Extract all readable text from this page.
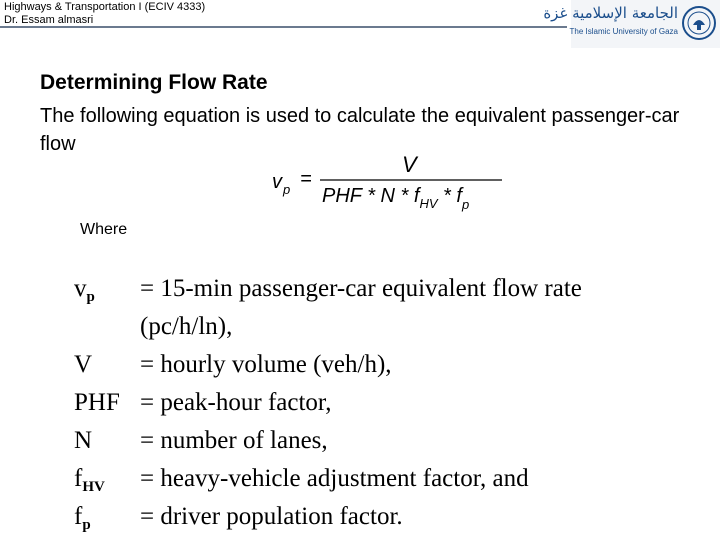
Highways & Transportation I (ECIV 4333)
Dr. Essam almasri	الجامعة الإسلامية غزة
The Islamic University of Gaza
Determining Flow Rate
The following equation is used to calculate the equivalent passenger-car flow
v p =
V
PHF * N * $f_{HV} * f_p$
Where
$v_p$	= 15-min passenger-car equivalent flow rate (pc/h/ln),
V	= hourly volume (veh/h),
PHF = peak-hour factor,
N	= number of lanes,
$f_{HV}$	= heavy-vehicle adjustment factor, and
$f_p$	= driver population factor.
